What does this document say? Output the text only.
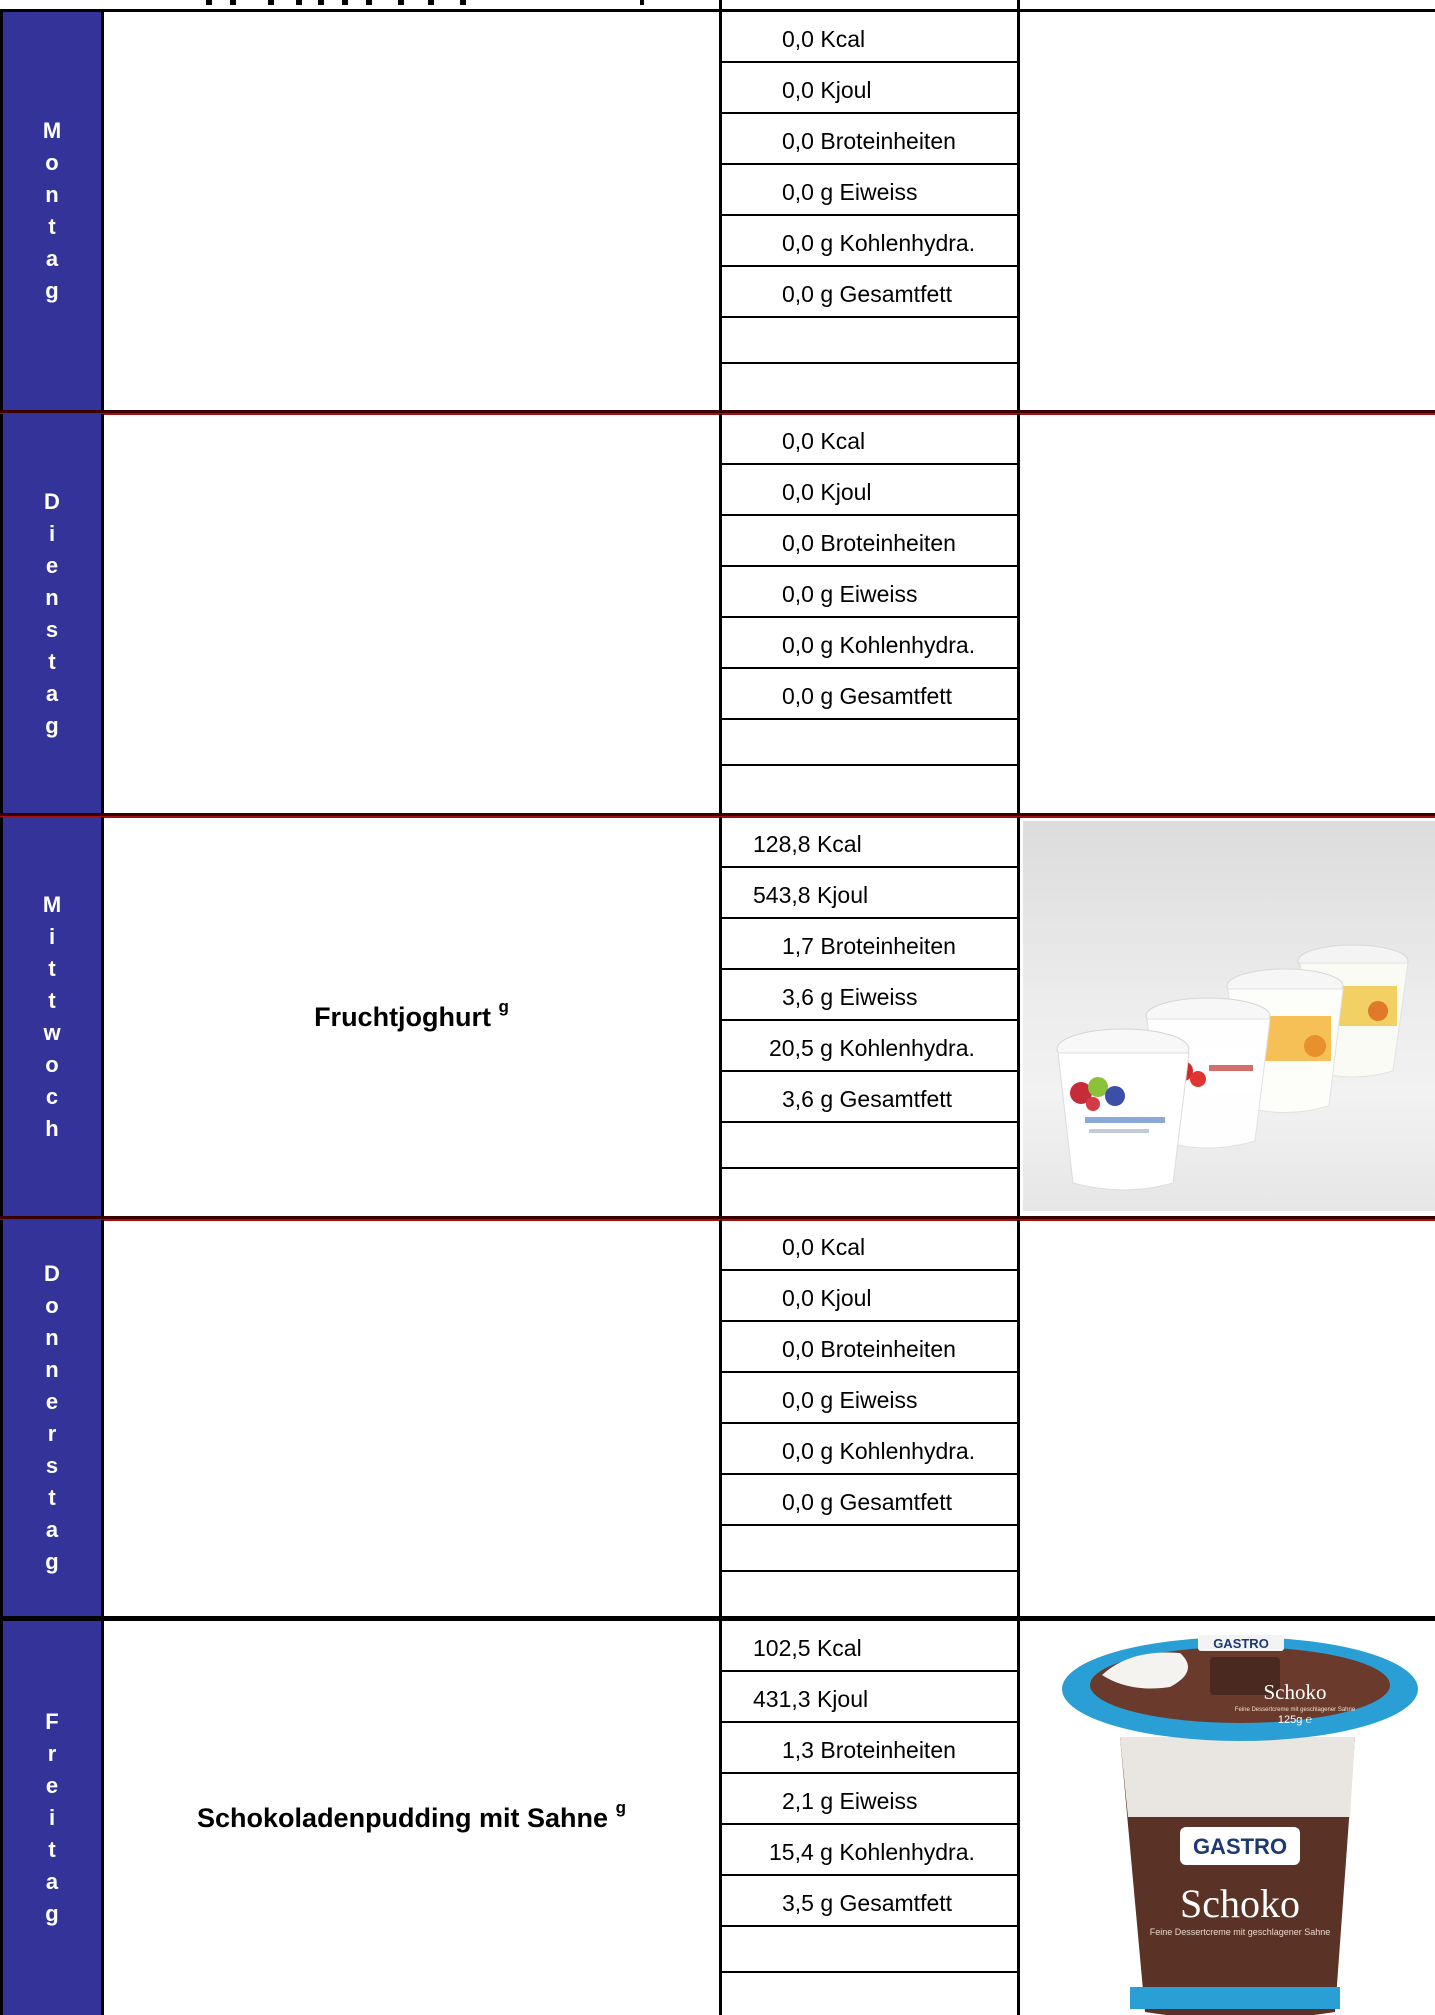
M
o
n
t
a
g
0,0 Kcal
0,0 Kjoul
0,0 Broteinheiten
0,0 g Eiweiss
0,0 g Kohlenhydra.
0,0 g Gesamtfett
D
i
e
n
s
t
a
g
0,0 Kcal
0,0 Kjoul
0,0 Broteinheiten
0,0 g Eiweiss
0,0 g Kohlenhydra.
0,0 g Gesamtfett
M
i
t
t
w
o
c
h
Fruchtjoghurt $^g$
128,8 Kcal
543,8 Kjoul
1,7 Broteinheiten
3,6 g Eiweiss
20,5 g Kohlenhydra.
3,6 g Gesamtfett
D
o
n
n
e
r
s
t
a
g
0,0 Kcal
0,0 Kjoul
0,0 Broteinheiten
0,0 g Eiweiss
0,0 g Kohlenhydra.
0,0 g Gesamtfett
F
r
e
i
t
a
g
Schokoladenpudding mit Sahne $^g$
102,5 Kcal
431,3 Kjoul
1,3 Broteinheiten
2,1 g Eiweiss
15,4 g Kohlenhydra.
3,5 g Gesamtfett
GASTRO
Schoko
Feine Dessertcreme mit geschlagener Sahne
125g ℮
GASTRO
Schoko
Feine Dessertcreme mit geschlagener Sahne
